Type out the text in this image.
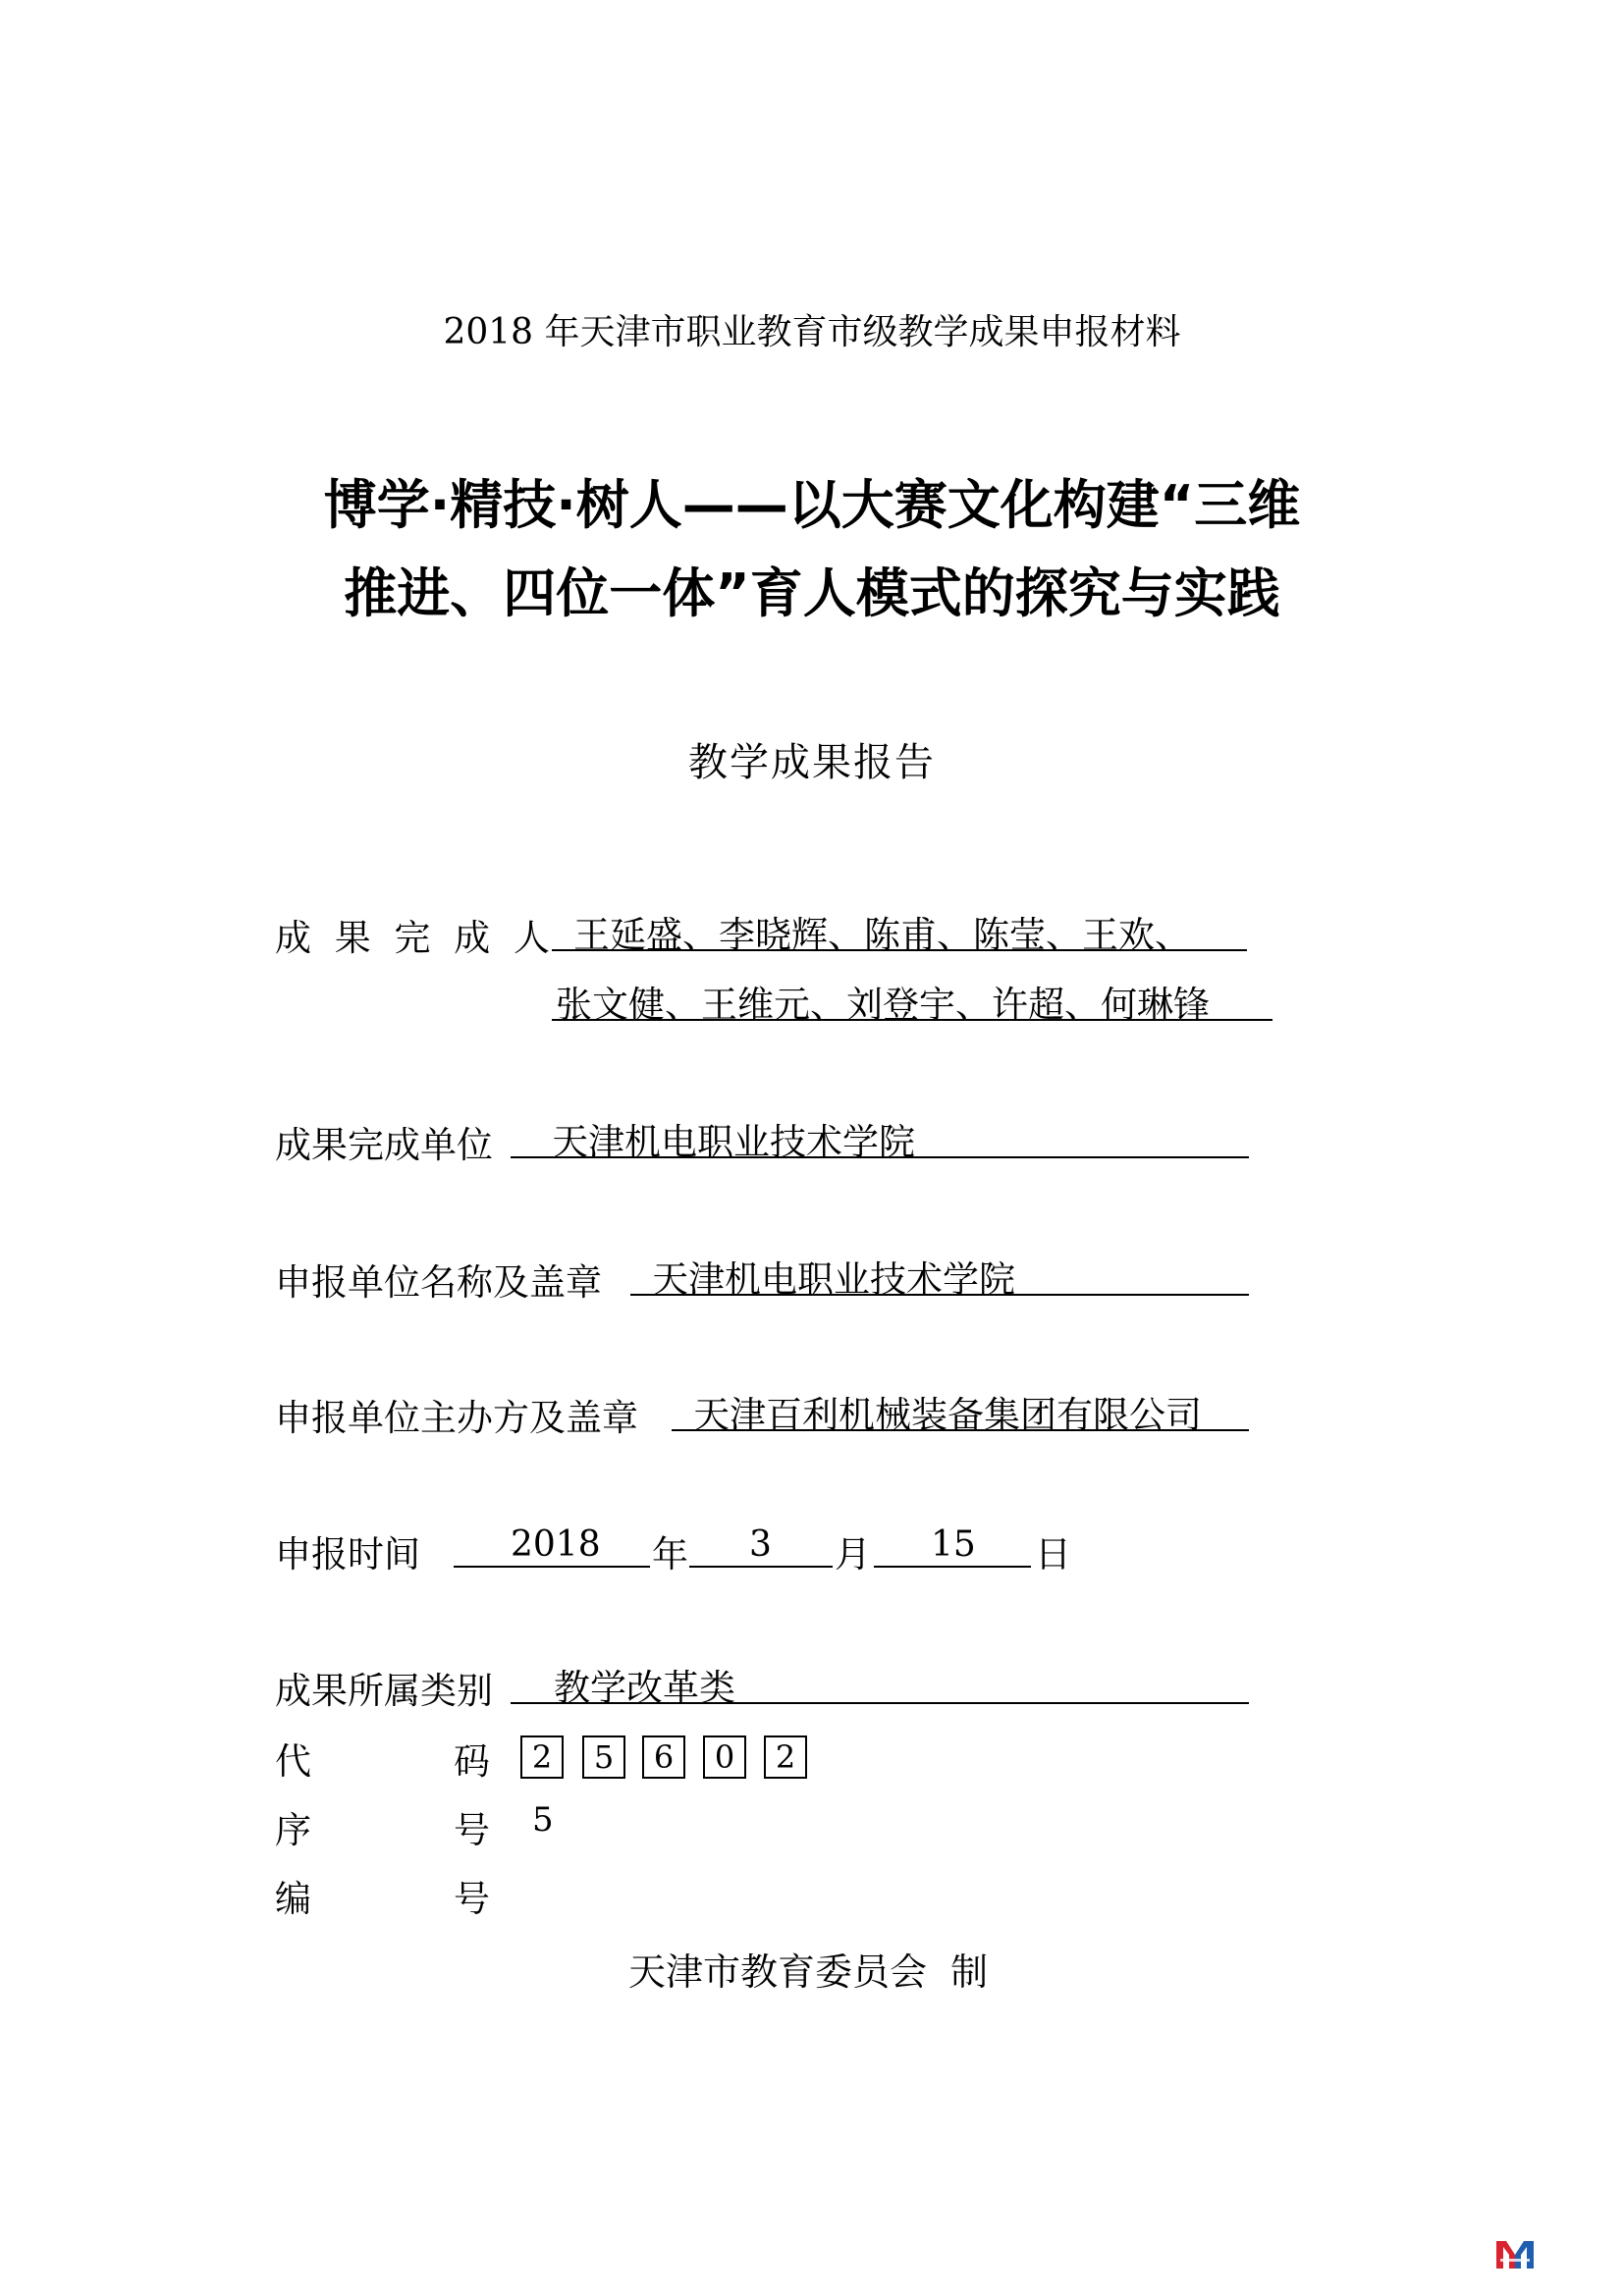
2018 年天津市职业教育市级教学成果申报材料
博学·精技·树人——以大赛文化构建“三维
推进、四位一体”育人模式的探究与实践
教学成果报告
成 果 完 成 人 王延盛、李晓辉、陈甫、陈莹、王欢、
张文健、王维元、刘登宇、许超、何琳锋
成果完成单位 天津机电职业技术学院
申报单位名称及盖章 天津机电职业技术学院
申报单位主办方及盖章 天津百利机械装备集团有限公司
申报时间	2018 年 3 月 15 日
成果所属类别 教学改革类
代	码	2	5	6	0	2
序	号 5
编	号
天津市教育委员会  制
